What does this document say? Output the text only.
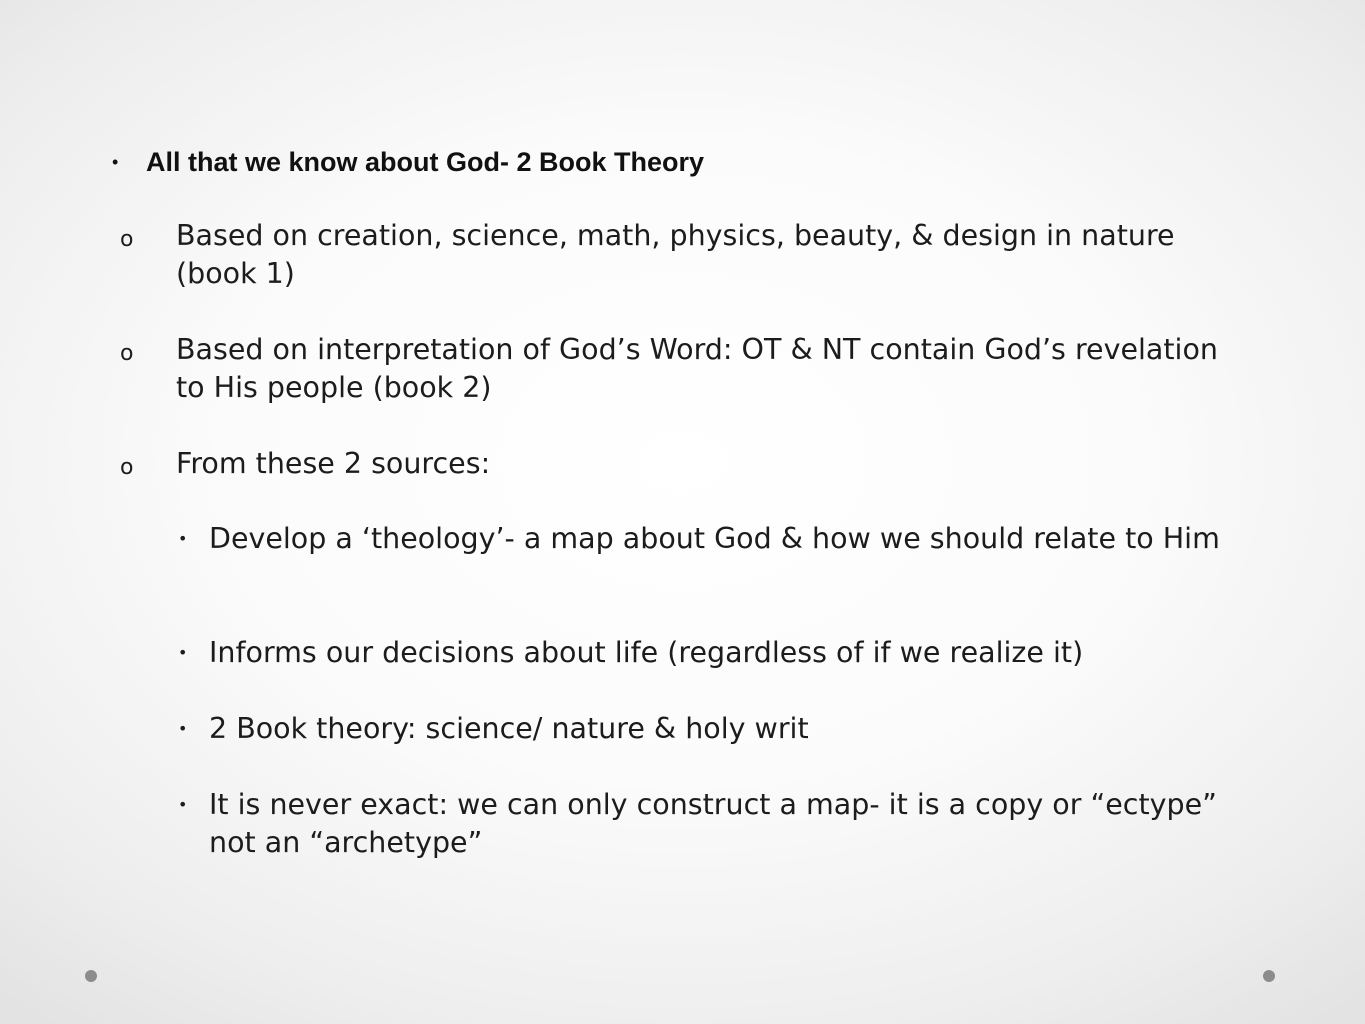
• All that we know about God- 2 Book Theory
o Based on creation, science, math, physics, beauty, & design in nature (book 1)
o Based on interpretation of God’s Word: OT & NT contain God’s revelation to His people (book 2)
o From these 2 sources:
• Develop a ‘theology’- a map about God & how we should relate to Him
• Informs our decisions about life (regardless of if we realize it)
• 2 Book theory: science/ nature & holy writ
• It is never exact: we can only construct a map- it is a copy or “ectype” not an “archetype”
